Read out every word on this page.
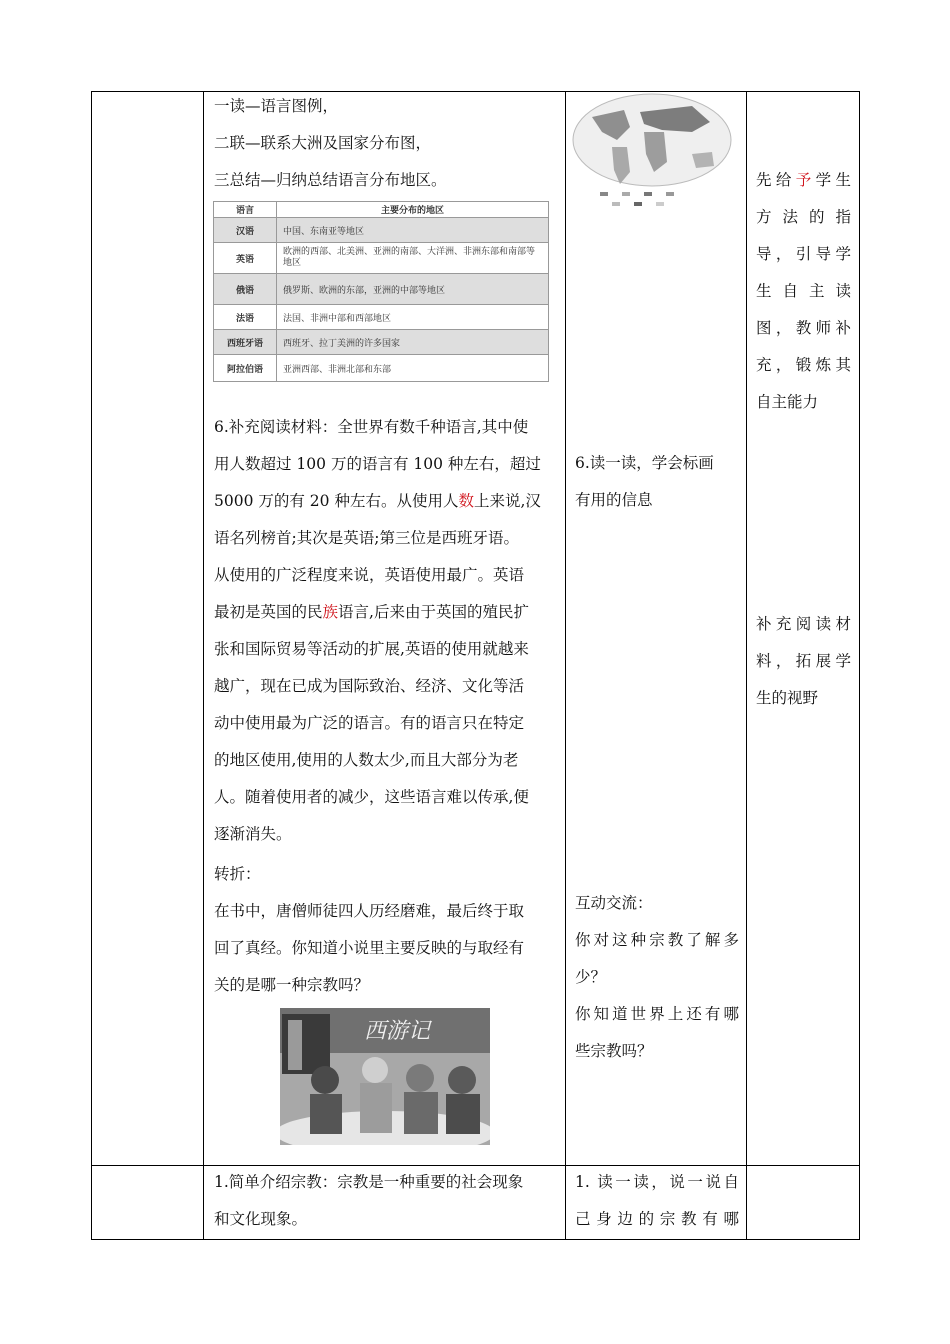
一读—语言图例，
二联—联系大洲及国家分布图，
三总结—归纳总结语言分布地区。
语言	主要分布的地区
汉语	中国、东南亚等地区
英语	欧洲的西部、北美洲、亚洲的南部、大洋洲、非洲东部和南部等地区
俄语	俄罗斯、欧洲的东部，亚洲的中部等地区
法语	法国、非洲中部和西部地区
西班牙语	西班牙、拉丁美洲的许多国家
阿拉伯语	亚洲西部、非洲北部和东部
6.补充阅读材料：全世界有数千种语言,其中使
用人数超过 100 万的语言有 100 种左右，超过
5000 万的有 20 种左右。从使用人数上来说,汉
语名列榜首;其次是英语;第三位是西班牙语。
从使用的广泛程度来说，英语使用最广。英语
最初是英国的民族语言,后来由于英国的殖民扩
张和国际贸易等活动的扩展,英语的使用就越来
越广，现在已成为国际致治、经济、文化等活
动中使用最为广泛的语言。有的语言只在特定
的地区使用,使用的人数太少,而且大部分为老
人。随着使用者的减少，这些语言难以传承,便
逐渐消失。
转折：
在书中，唐僧师徒四人历经磨难，最后终于取
回了真经。你知道小说里主要反映的与取经有
关的是哪一种宗教吗？
西游记
6.读一读，学会标画
有用的信息
互动交流：
你对这种宗教了解多
少？
你知道世界上还有哪
些宗教吗？
先给予学生
方法的指
导，引导学
生自主读
图，教师补
充，锻炼其
自主能力
补充阅读材
料，拓展学
生的视野
1.简单介绍宗教：宗教是一种重要的社会现象
和文化现象。
1. 读一读，说一说自
己身边的宗教有哪
